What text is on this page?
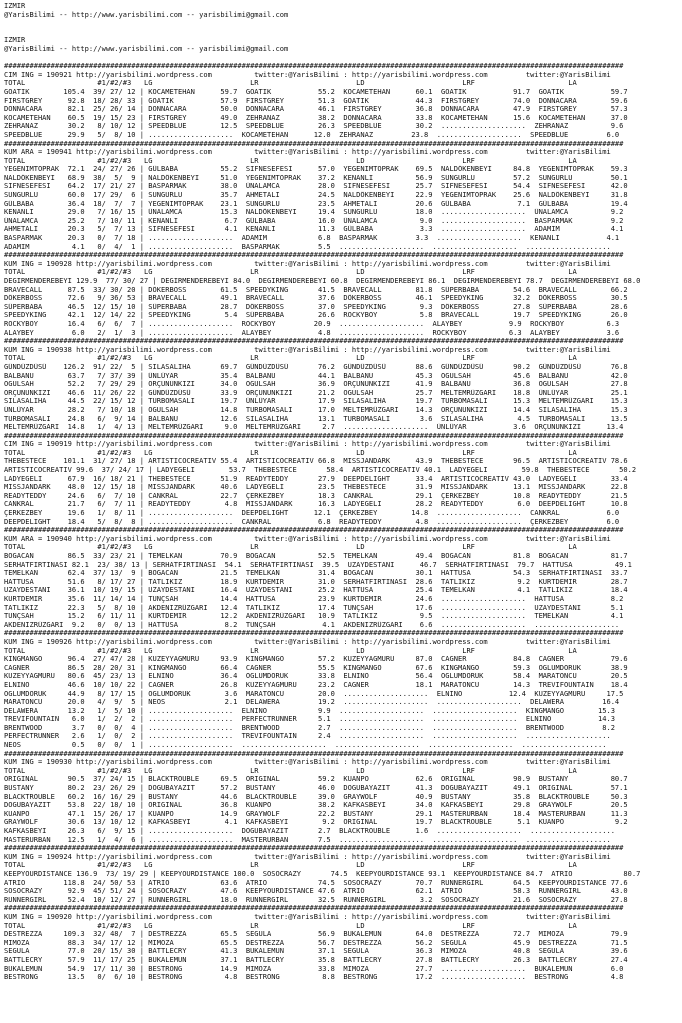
IZMIR
@YarisBilimi -- http://www.yarisbilimi.com -- yarisbilimi@gmail.com
IZMIR
@YarisBilimi -- http://www.yarisbilimi.com -- yarisbilimi@gmail.com
##################################################################################################################################################
CIM ING = 190921 http://yarisbilimi.wordpress.com          twitter:@YarisBilimi : http://yarisbilimi.wordpress.com         twitter:@YarisBilimi
TOTAL                 #1/#2/#3   LG                       LR                       LD                       LRF                      LA
GOATIK        105.4  39/ 27/ 12 | KOCAMETEHAN      59.7  GOATIK           55.2  KOCAMETEHAN      60.1  GOATIK           91.7  GOATIK           59.7
FIRSTGREY      92.8  18/ 28/ 33 | GOATIK           57.9  FIRSTGREY        51.3  GOATIK           44.3  FIRSTGREY        74.0  DONNACARA        59.6
DONNACARA      82.1  25/ 26/ 14 | DONNACARA        50.0  DONNACARA        46.1  FIRSTGREY        36.8  DONNACARA        47.9  FIRSTGREY        57.3
KOCAMETEHAN    60.5  19/ 15/ 23 | FIRSTGREY        49.0  ZEHRANAZ         38.2  DONNACARA        33.8  KOCAMETEHAN      15.6  KOCAMETEHAN      37.0
ZEHRANAZ       30.2   8/ 10/ 12 | SPEEDBLUE        12.5  SPEEDBLUE        26.3  SPEEDBLUE        30.2  ....................  ZEHRANAZ          9.6
SPEEDBLUE      29.9   5/  8/ 10 | ....................  KOCAMETEHAN      12.0  ZEHRANAZ         23.8  ....................  SPEEDBLUE         6.0
##################################################################################################################################################
KUM ARA = 190941 http://yarisbilimi.wordpress.com          twitter:@YarisBilimi : http://yarisbilimi.wordpress.com         twitter:@YarisBilimi
TOTAL                 #1/#2/#3   LG                       LR                       LD                       LRF                      LA
YEGENIMTOPRAK  72.1  24/ 27/ 26 | GÜLBABA          55.2  SIFNESEFESI      57.0  YEGENIMTOPRAK    69.5  NALDÖKENBEYI     84.8  YEGENIMTOPRAK    59.3
NALDÖKENBEYI   68.9  38/  5/  9 | NALDÖKENBEYI     51.0  YEGENIMTOPRAK    37.2  KENANLI          56.9  SUNGURLU         57.2  SUNGURLU         50.1
SIFNESEFESI    64.2  17/ 21/ 27 | BASPARMAK        38.0  ÜNALAMCA         28.0  SIFNESEFESI      25.7  SIFNESEFESI      54.4  SIFNESEFESI      42.0
SUNGURLU       60.0  17/ 29/  6 | SUNGURLU         35.7  AHMETALI         24.5  NALDÖKENBEYI     22.9  YEGENIMTOPRAK    25.6  NALDÖKENBEYI     31.8
GÜLBABA        36.4  18/  7/  7 | YEGENIMTOPRAK    23.1  SUNGURLU         23.5  AHMETALI         20.6  GÜLBABA           7.1  GÜLBABA          19.4
KENANLI        29.0   7/ 16/ 15 | ÜNALAMCA         15.3  NALDÖKENBEYI     19.4  SUNGURLU         18.0  ....................  ÜNALAMCA          9.2
ÜNALAMCA       25.2   7/ 10/ 11 | KENANLI           6.7  GÜLBABA          16.0  ÜNALAMCA          9.0  ....................  BASPARMAK         9.2
AHMETALI       20.3   5/  7/ 13 | SIFNESEFESI       4.1  KENANLI          11.3  GÜLBABA           3.3  ....................  ADAMIM            4.1
BASPARMAK      20.3   0/  7/ 18 | ....................  ADAMIM            6.8  BASPARMAK         3.3  ....................  KENANLI           4.1
ADAMIM          4.1   0/  4/  1 | ....................  BASPARMAK         5.5  ....................  ....................  ....................
##################################################################################################################################################
KUM ING = 190928 http://yarisbilimi.wordpress.com          twitter:@YarisBilimi : http://yarisbilimi.wordpress.com         twitter:@YarisBilimi
TOTAL                 #1/#2/#3   LG                       LR                       LD                       LRF                      LA
DEGIRMENDEREBEYI 129.9  77/ 30/ 27 | DEGIRMENDEREBEYI 84.0  DEGIRMENDEREBEYI 60.8  DEGIRMENDEREBEYI 86.1  DEGIRMENDEREBEYI 78.7  DEGIRMENDEREBEYI 68.0
BRAVECALL      87.5  33/ 30/ 20 | DÖKERBOSS        61.5  SPEEDYKING       41.5  BRAVECALL        81.8  SÜPERBABA        54.6  BRAVECALL        66.2
DÖKERBOSS      72.6   9/ 36/ 53 | BRAVECALL        49.1  BRAVECALL        37.6  DÖKERBOSS        46.1  SPEEDYKING       32.2  DÖKERBOSS        30.5
SÜPERBABA      46.5  12/ 15/ 10 | SÜPERBABA        28.7  DÖKERBOSS        37.0  SPEEDYKING        9.3  DÖKERBOSS        27.8  SÜPERBABA        28.6
SPEEDYKING     42.1  12/ 14/ 22 | SPEEDYKING        5.4  SÜPERBABA        26.6  ROCKYBOY          5.8  BRAVECALL        19.7  SPEEDYKING       26.0
ROCKYBOY       16.4   6/  6/  7 | ....................  ROCKYBOY         20.9  ....................  ALAYBEY           9.9  ROCKYBOY          6.3
ALAYBEY         6.0   2/  1/  3 | ....................  ALAYBEY           4.8  ....................  ROCKYBOY          6.3  ALAYBEY           3.6
##################################################################################################################################################
KUM ING = 190938 http://yarisbilimi.wordpress.com          twitter:@YarisBilimi : http://yarisbilimi.wordpress.com         twitter:@YarisBilimi
TOTAL                 #1/#2/#3   LG                       LR                       LD                       LRF                      LA
GÜNDÜZDÜSÜ    126.2  91/ 22/  5 | SILASALIHA       69.7  GÜNDÜZDÜSÜ       76.2  GÜNDÜZDÜSÜ       88.6  GÜNDÜZDÜSÜ       90.2  GÜNDÜZDÜSÜ       76.8
BALBANU        63.7   7/ 37/ 39 | ÜNLÜYAR          35.4  BALBANU          44.1  BALBANU          45.3  OGULSAH          45.6  BALBANU          42.0
OGULSAH        52.2   7/ 29/ 29 | ORÇUNUNKIZI      34.0  OGULSAH          36.9  ORÇUNUNKIZI      41.9  BALBANU          36.8  OGULSAH          27.8
ORÇUNUNKIZI    46.6  11/ 26/ 22 | GÜNDÜZDÜSÜ       33.9  ORÇUNUNKIZI      21.2  OGULSAH          25.7  MELTEMRÜZGARI    18.8  ÜNLÜYAR          25.1
SILASALIHA     44.5  22/ 15/ 12 | TURBOMASALI      19.7  ÜNLÜYAR          17.9  SILASALIHA       19.7  TURBOMASALI      15.3  MELTEMRÜZGARI    15.3
ÜNLÜYAR        28.2   7/ 10/ 18 | OGULSAH          14.8  TURBOMASALI      17.0  MELTEMRÜZGARI    14.3  ORÇUNUNKIZI      14.4  SILASALIHA       15.3
TURBOMASALI    24.8   6/  9/ 14 | BALBANU          12.6  SILASALIHA       13.1  TURBOMASALI       3.6  SILASALIHA        4.5  TURBOMASALI      13.5
MELTEMRÜZGARI  14.8   1/  4/ 13 | MELTEMRÜZGARI     9.0  MELTEMRÜZGARI     2.7  ....................  ÜNLÜYAR           3.6  ORÇUNUNKIZI      13.4
##################################################################################################################################################
CIM ING = 190919 http://yarisbilimi.wordpress.com          twitter:@YarisBilimi : http://yarisbilimi.wordpress.com         twitter:@YarisBilimi
TOTAL                 #1/#2/#3   LG                       LR                       LD                       LRF                      LA
THEBESTECE    101.1  31/ 27/ 18 | ARTISTICOCREATIV 55.4  ARTISTICOCREATIV 66.8  MISSJANDARK      43.9  THEBESTECE       96.5  ARTISTICOCREATIV 78.6
ARTISTICOCREATIV 99.6  37/ 24/ 17 | LADYEGELI        53.7  THEBESTECE       58.4  ARTISTICOCREATIV 40.1  LADYEGELI        59.8  THEBESTECE       50.2
LADYEGELI      67.9  16/ 18/ 21 | THEBESTECE       51.9  READYTEDDY       27.9  DEEPDELIGHT      33.4  ARTISTICOCREATIV 43.0  LADYEGELI        33.4
MISSJANDARK    48.0  12/ 15/ 18 | MISSJANDARK      40.6  LADYEGELI        23.5  THEBESTECE       31.9  MISSJANDARK      13.1  MISSJANDARK      22.8
READYTEDDY     24.6   6/  7/ 10 | CANKRAL          22.7  ÇERKEZBEY        18.3  CANKRAL          29.1  ÇERKEZBEY        10.8  READYTEDDY       21.5
CANKRAL        21.7   6/  7/ 11 | READYTEDDY        4.8  MISSJANDARK      16.3  LADYEGELI        28.2  READYTEDDY        6.0  DEEPDELIGHT      10.8
ÇERKEZBEY      19.6   1/  8/ 11 | ....................  DEEPDELIGHT      12.1  ÇERKEZBEY        14.8  ....................  CANKRAL           6.0
DEEPDELIGHT    18.4   5/  8/  8 | ....................  CANKRAL           6.8  READYTEDDY        4.8  ....................  ÇERKEZBEY         6.0
##################################################################################################################################################
KUM ARA = 190940 http://yarisbilimi.wordpress.com          twitter:@YarisBilimi : http://yarisbilimi.wordpress.com         twitter:@YarisBilimi
TOTAL                 #1/#2/#3   LG                       LR                       LD                       LRF                      LA
BOGACAN        86.5  33/ 23/ 21 | TEMELKAN         70.9  BOGACAN          52.5  TEMELKAN         49.4  BOGACAN          81.8  BOGACAN          81.7
SERHATFIRTINASI 82.1  23/ 38/ 13 | SERHATFIRTINASI  54.1  SERHATFIRTINASI  39.5  UZAYDESTANI      46.7  SERHATFIRTINASI  79.7  HATTUSA          49.1
TEMELKAN       62.4  37/ 13/  9 | BOGACAN          21.5  TEMELKAN         31.4  BOGACAN          30.1  HATTUSA          54.3  SERHATFIRTINASI  33.7
HATTUSA        51.6   8/ 17/ 27 | TATLIKIZ         18.9  KURTDEMIR        31.0  SERHATFIRTINASI  28.6  TATLIKIZ          9.2  KURTDEMIR        28.7
UZAYDESTANI    36.1  10/ 19/ 15 | UZAYDESTANI      16.4  UZAYDESTANI      25.2  HATTUSA          25.4  TEMELKAN          4.1  TATLIKIZ         18.4
KURTDEMIR      35.6  11/ 14/ 14 | TUNÇSAH          14.4  HATTUSA          23.9  KURTDEMIR        24.6  ....................  HATTUSA           8.2
TATLIKIZ       22.3   5/  8/ 10 | AKDENIZRÜZGARI   12.4  TATLIKIZ         17.4  TUNÇSAH          17.6  ....................  UZAYDESTANI       5.1
TUNÇSAH        15.2   6/ 11/ 11 | KURTDEMIR        12.2  AKDENIZRÜZGARI   10.9  TATLIKIZ          9.5  ....................  TEMELKAN          4.1
AKDENIZRÜZGARI  9.2   0/  0/ 13 | HATTUSA           8.2  TUNÇSAH           4.1  AKDENIZRÜZGARI    6.6  ....................  ....................
##################################################################################################################################################
KUM ING = 190926 http://yarisbilimi.wordpress.com          twitter:@YarisBilimi : http://yarisbilimi.wordpress.com         twitter:@YarisBilimi
TOTAL                 #1/#2/#3   LG                       LR                       LD                       LRF                      LA
KINGMANGO      96.4  27/ 47/ 28 | KUZEYYAGMURU     93.9  KINGMANGO        57.2  KUZEYYAGMURU     87.0  CAGNER           84.8  CAGNER           79.6
CAGNER         86.5  28/ 20/ 31 | KINGMANGO        66.4  CAGNER           55.5  KINGMANGO        67.6  KINGMANGO        59.3  OGLUMDORUK       38.9
KUZEYYAGMURU   80.6  45/ 23/ 13 | ELNINO           36.4  OGLUMDORUK       33.8  ELNINO           56.4  OGLUMDORUK       58.4  MARATONCU        20.5
ELNINO         46.6  10/ 10/ 22 | CAGNER           26.8  KUZEYYAGMURU     23.2  CAGNER           18.1  MARATONCU        14.3  TREVIFOUNTAIN    18.4
OGLUMDORUK     44.9   8/ 17/ 15 | OGLUMDORUK        3.6  MARATONCU        20.0  ....................  ELNINO           12.4  KUZEYYAGMURU     17.5
MARATONCU      20.0   4/  9/  5 | NEOS              2.1  DELAWERA         19.2  ....................  ....................  DELAWERA         16.4
DELAWERA       13.2   1/  5/ 10 | ....................  ELNINO            9.9  ....................  ....................  KINGMANGO        15.3
TREVIFOUNTAIN   6.0   1/  2/  2 | ....................  PERFECTRUNNER     5.1  ....................  ....................  ELNINO           14.3
BRENTWOOD       3.7   0/  0/  4 | ....................  BRENTWOOD         2.7  ....................  ....................  BRENTWOOD         8.2
PERFECTRUNNER   2.6   1/  0/  2 | ....................  TREVIFOUNTAIN     2.4  ....................  ....................  ....................
NEOS            0.5   0/  0/  1 | ....................  ....................  ....................  ....................  ....................
##################################################################################################################################################
KUM ING = 190930 http://yarisbilimi.wordpress.com          twitter:@YarisBilimi : http://yarisbilimi.wordpress.com         twitter:@YarisBilimi
TOTAL                 #1/#2/#3   LG                       LR                       LD                       LRF                      LA
ORIGINAL       90.5  37/ 24/ 15 | BLACKTROUBLE     69.5  ORIGINAL         59.2  KUANPO           62.6  ORIGINAL         90.9  BUSTANY          80.7
BUSTANY        80.2  23/ 26/ 29 | DOGUBAYAZIT      57.2  BUSTANY          46.0  DOGUBAYAZIT      41.3  DOGUBAYAZIT      49.1  ORIGINAL         57.1
BLACKTROUBLE   60.2  16/ 16/ 29 | BUSTANY          44.6  BLACKTROUBLE     39.0  GRAYWOLF         40.9  BUSTANY          35.8  BLACKTROUBLE     50.3
DOGUBAYAZIT    53.8  22/ 18/ 10 | ORIGINAL         36.8  KUANPO           38.2  KAFKASBEYI       34.0  KAFKASBEYI       29.8  GRAYWOLF         20.5
KUANPO         47.1  15/ 26/ 17 | KUANPO           14.9  GRAYWOLF         22.2  BUSTANY          29.1  MASTERURBAN      18.4  MASTERURBAN      11.3
GRAYWOLF       30.6  13/ 10/ 12 | KAFKASBEYI        4.1  KAFKASBEYI        9.2  ORIGINAL         19.7  BLACKTROUBLE      5.1  KUANPO            9.2
KAFKASBEYI     26.3   6/  9/ 15 | ....................  DOGUBAYAZIT       2.7  BLACKTROUBLE      1.6  ....................  ....................
MASTERURBAN    12.5   1/  4/  6 | ....................  MASTERURBAN       7.5  ....................  ....................  ....................
##################################################################################################################################################
KUM ING = 190924 http://yarisbilimi.wordpress.com          twitter:@YarisBilimi : http://yarisbilimi.wordpress.com         twitter:@YarisBilimi
TOTAL                 #1/#2/#3   LG                       LR                       LD                       LRF                      LA
KEEPYOURDISTANCE 136.9  73/ 19/ 29 | KEEPYOURDISTANCE 100.0  SOSOCRAZY       74.5  KEEPYOURDISTANCE 93.1  KEEPYOURDISTANCE 84.7  ATRIO            80.7
ATRIO         118.8  24/ 50/ 53 | ATRIO            63.6  ATRIO            74.5  SOSOCRAZY        70.7  RUNNERGIRL       64.5  KEEPYOURDISTANCE 77.6
SOSOCRAZY      92.9  45/ 51/ 24 | SOSOCRAZY        47.6  KEEPYOURDISTANCE 47.6  ATRIO            62.1  ATRIO            58.3  RUNNERGIRL       43.0
RUNNERGIRL     52.4  10/ 12/ 27 | RUNNERGIRL       18.0  RUNNERGIRL       32.5  RUNNERGIRL        3.2  SOSOCRAZY        21.6  SOSOCRAZY        27.8
##################################################################################################################################################
KUM ING = 190920 http://yarisbilimi.wordpress.com          twitter:@YarisBilimi : http://yarisbilimi.wordpress.com         twitter:@YarisBilimi
TOTAL                 #1/#2/#3   LG                       LR                       LD                       LRF                      LA
DESTREZZA     109.3  32/ 48/  7 | DESTREZZA        65.5  SEGULA           56.9  BUKALEMUN        64.0  DESTREZZA        72.7  MIMOZA           79.9
MIMOZA         88.3  34/ 17/ 12 | MIMOZA           65.5  DESTREZZA        56.7  DESTREZZA        56.2  SEGULA           45.9  DESTREZZA        71.5
SEGULA         77.0  20/ 15/ 30 | BATTLECRY        41.3  BUKALEMUN        37.1  SEGULA           36.3  MIMOZA           40.8  SEGULA           39.6
BATTLECRY      57.9  11/ 17/ 25 | BUKALEMUN        37.1  BATTLECRY        35.8  BATTLECRY        27.8  BATTLECRY        26.3  BATTLECRY        27.4
BUKALEMUN      54.9  17/ 11/ 30 | BESTRONG         14.9  MIMOZA           33.8  MIMOZA           27.7  ....................  BUKALEMUN         6.0
BESTRONG       13.5   0/  6/ 10 | BESTRONG          4.8  BESTRONG          8.8  BESTRONG         17.2  ....................  BESTRONG          4.8
